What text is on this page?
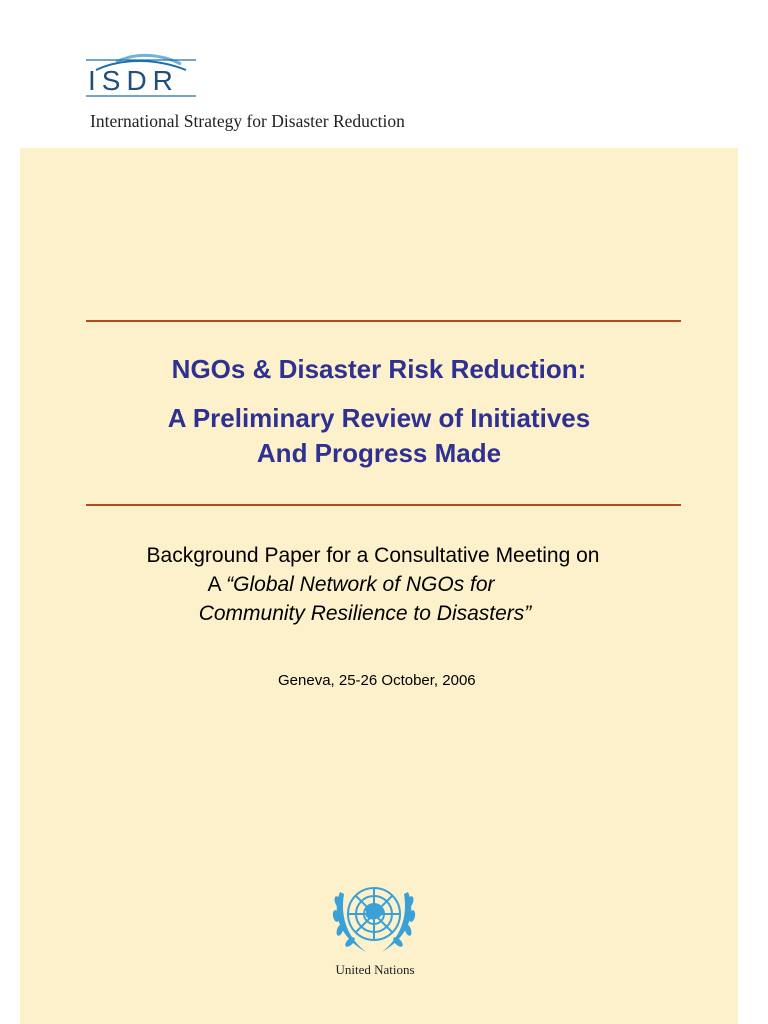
ISDR
International Strategy for Disaster Reduction
NGOs & Disaster Risk Reduction:
A Preliminary Review of Initiatives
And Progress Made
Background Paper for a Consultative Meeting on
A “Global Network of NGOs for
Community Resilience to Disasters”
Geneva, 25-26 October, 2006
United Nations
